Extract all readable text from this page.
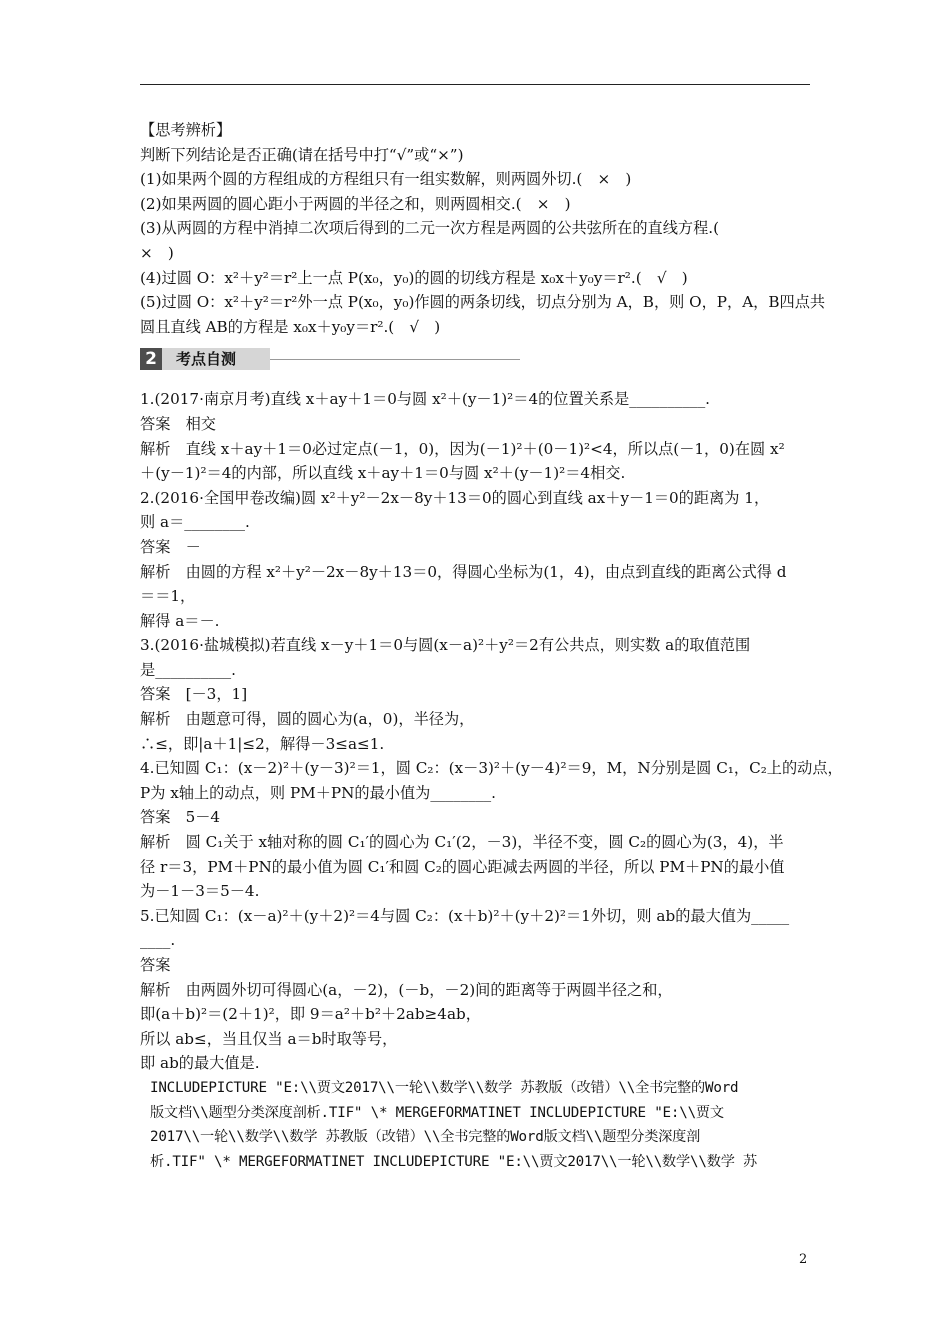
【思考辨析】
判断下列结论是否正确(请在括号中打“√”或“×”)
(1)如果两个圆的方程组成的方程组只有一组实数解，则两圆外切.(　×　)
(2)如果两圆的圆心距小于两圆的半径之和，则两圆相交.(　×　)
(3)从两圆的方程中消掉二次项后得到的二元一次方程是两圆的公共弦所在的直线方程.(
×　)
(4)过圆 O：x²＋y²＝r²上一点 P(x₀，y₀)的圆的切线方程是 x₀x＋y₀y＝r².(　√　)
(5)过圆 O：x²＋y²＝r²外一点 P(x₀，y₀)作圆的两条切线，切点分别为 A，B，则 O，P，A，B四点共
圆且直线 AB的方程是 x₀x＋y₀y＝r².(　√　)
2	考点自测
1.(2017·南京月考)直线 x＋ay＋1＝0与圆 x²＋(y－1)²＝4的位置关系是__________.
答案　相交
解析　直线 x＋ay＋1＝0必过定点(－1，0)，因为(－1)²＋(0－1)²<4，所以点(－1，0)在圆 x²
＋(y－1)²＝4的内部，所以直线 x＋ay＋1＝0与圆 x²＋(y－1)²＝4相交.
2.(2016·全国甲卷改编)圆 x²＋y²－2x－8y＋13＝0的圆心到直线 ax＋y－1＝0的距离为 1，
则 a＝________.
答案　－
解析　由圆的方程 x²＋y²－2x－8y＋13＝0，得圆心坐标为(1，4)，由点到直线的距离公式得 d
＝＝1，
解得 a＝－.
3.(2016·盐城模拟)若直线 x－y＋1＝0与圆(x－a)²＋y²＝2有公共点，则实数 a的取值范围
是__________.
答案　[－3，1]
解析　由题意可得，圆的圆心为(a，0)，半径为，
∴≤，即|a＋1|≤2，解得－3≤a≤1.
4.已知圆 C₁：(x－2)²＋(y－3)²＝1，圆 C₂：(x－3)²＋(y－4)²＝9，M，N分别是圆 C₁，C₂上的动点，
P为 x轴上的动点，则 PM＋PN的最小值为________.
答案　5－4
解析　圆 C₁关于 x轴对称的圆 C₁′的圆心为 C₁′(2，－3)，半径不变，圆 C₂的圆心为(3，4)，半
径 r＝3，PM＋PN的最小值为圆 C₁′和圆 C₂的圆心距减去两圆的半径，所以 PM＋PN的最小值
为－1－3＝5－4.
5.已知圆 C₁：(x－a)²＋(y＋2)²＝4与圆 C₂：(x＋b)²＋(y＋2)²＝1外切，则 ab的最大值为_____
____.
答案
解析　由两圆外切可得圆心(a，－2)，(－b，－2)间的距离等于两圆半径之和，
即(a＋b)²＝(2＋1)²，即 9＝a²＋b²＋2ab≥4ab，
所以 ab≤，当且仅当 a＝b时取等号，
即 ab的最大值是.
INCLUDEPICTURE "E:\\贾文2017\\一轮\\数学\\数学 苏教版（改错）\\全书完整的Word
版文档\\题型分类深度剖析.TIF" \* MERGEFORMATINET INCLUDEPICTURE "E:\\贾文
2017\\一轮\\数学\\数学 苏教版（改错）\\全书完整的Word版文档\\题型分类深度剖
析.TIF" \* MERGEFORMATINET INCLUDEPICTURE "E:\\贾文2017\\一轮\\数学\\数学 苏
2
